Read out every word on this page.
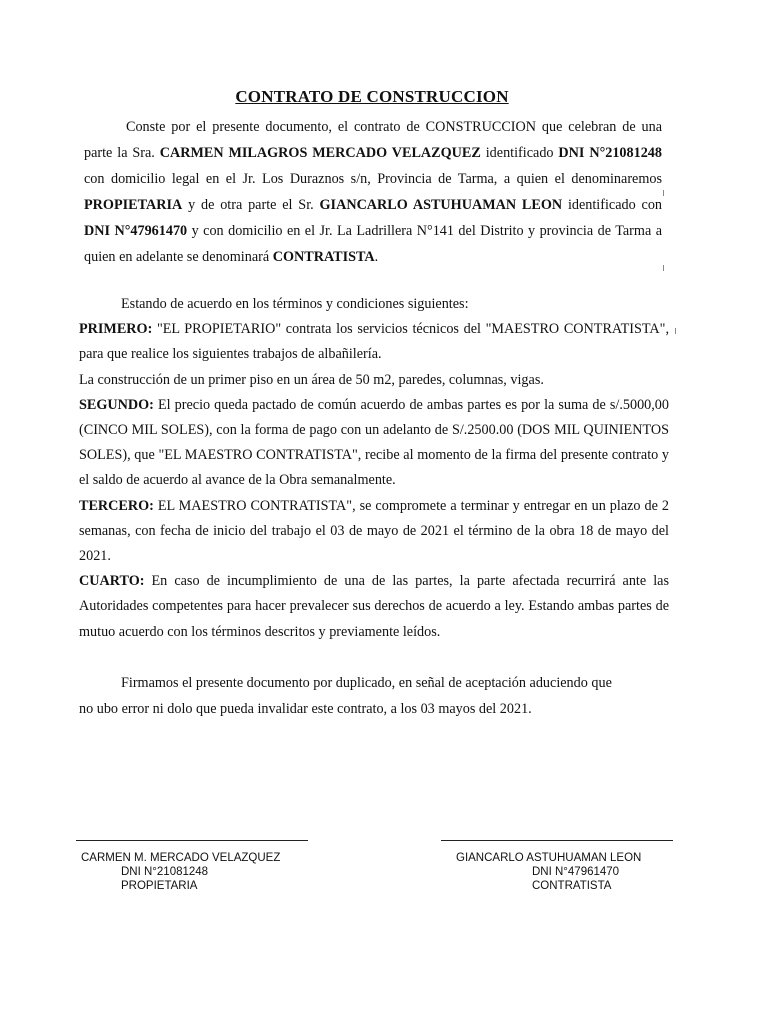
CONTRATO DE CONSTRUCCION

Conste por el presente documento, el contrato de CONSTRUCCION que celebran de una parte la Sra. CARMEN MILAGROS MERCADO VELAZQUEZ identificado DNI N°21081248 con domicilio legal en el Jr. Los Duraznos s/n, Provincia de Tarma, a quien el denominaremos PROPIETARIA y de otra parte el Sr. GIANCARLO ASTUHUAMAN LEON identificado con DNI N°47961470 y con domicilio en el Jr. La Ladrillera N°141 del Distrito y provincia de Tarma a quien en adelante se denominará CONTRATISTA.

Estando de acuerdo en los términos y condiciones siguientes:

PRIMERO: "EL PROPIETARIO" contrata los servicios técnicos del "MAESTRO CONTRATISTA", para que realice los siguientes trabajos de albañilería.

La construcción de un primer piso en un área de 50 m2, paredes, columnas, vigas.

SEGUNDO: El precio queda pactado de común acuerdo de ambas partes es por la suma de s/.5000,00 (CINCO MIL SOLES), con la forma de pago con un adelanto de S/.2500.00 (DOS MIL QUINIENTOS SOLES), que "EL MAESTRO CONTRATISTA", recibe al momento de la firma del presente contrato y el saldo de acuerdo al avance de la Obra semanalmente.

TERCERO: EL MAESTRO CONTRATISTA", se compromete a terminar y entregar en un plazo de 2 semanas, con fecha de inicio del trabajo el 03 de mayo de 2021 el término de la obra 18 de mayo del 2021.

CUARTO: En caso de incumplimiento de una de las partes, la parte afectada recurrirá ante las Autoridades competentes para hacer prevalecer sus derechos de acuerdo a ley. Estando ambas partes de mutuo acuerdo con los términos descritos y previamente leídos.

Firmamos el presente documento por duplicado, en señal de aceptación aduciendo que
no ubo error ni dolo que pueda invalidar este contrato, a los 03 mayos del 2021.
CARMEN M. MERCADO VELAZQUEZ
DNI N°21081248
PROPIETARIA
GIANCARLO ASTUHUAMAN LEON
DNI N°47961470
CONTRATISTA
